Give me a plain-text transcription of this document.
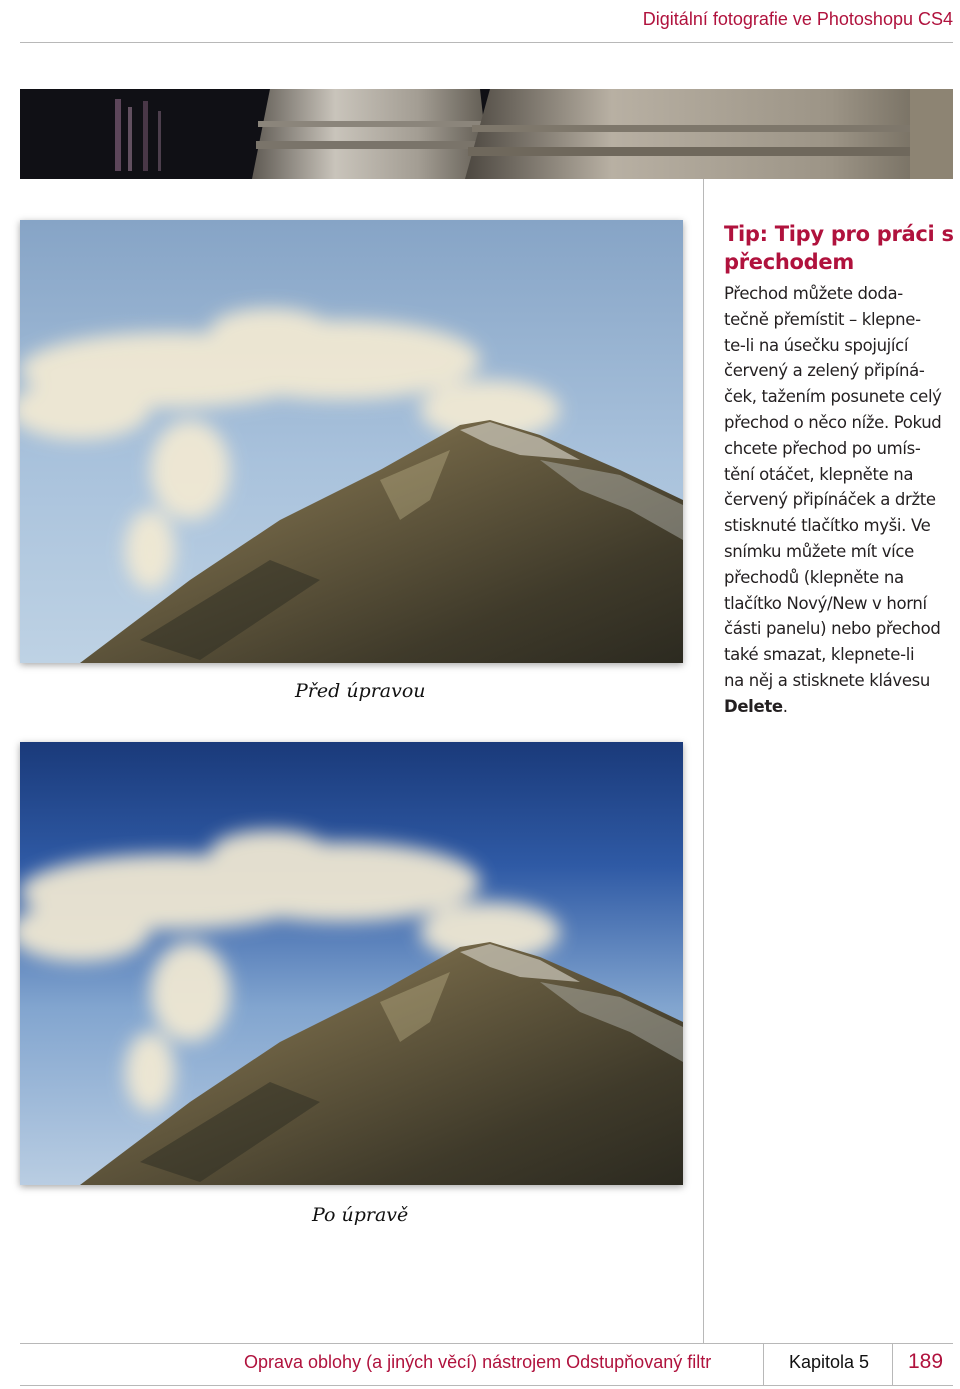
Digitální fotografie ve Photoshopu CS4
Před úpravou
Tip: Tipy pro práci s přechodem
Přechod můžete doda-
tečně přemístit – klepne-
te-li na úsečku spojující
červený a zelený připíná-
ček, tažením posunete celý
přechod o něco níže. Pokud
chcete přechod po umís-
tění otáčet, klepněte na
červený připínáček a držte
stisknuté tlačítko myši. Ve
snímku můžete mít více
přechodů (klepněte na
tlačítko Nový/New v horní
části panelu) nebo přechod
také smazat, klepnete-li
na něj a stisknete klávesu
Delete.
Po úpravě
Oprava oblohy (a jiných věcí) nástrojem Odstupňovaný filtr	Kapitola 5 189
